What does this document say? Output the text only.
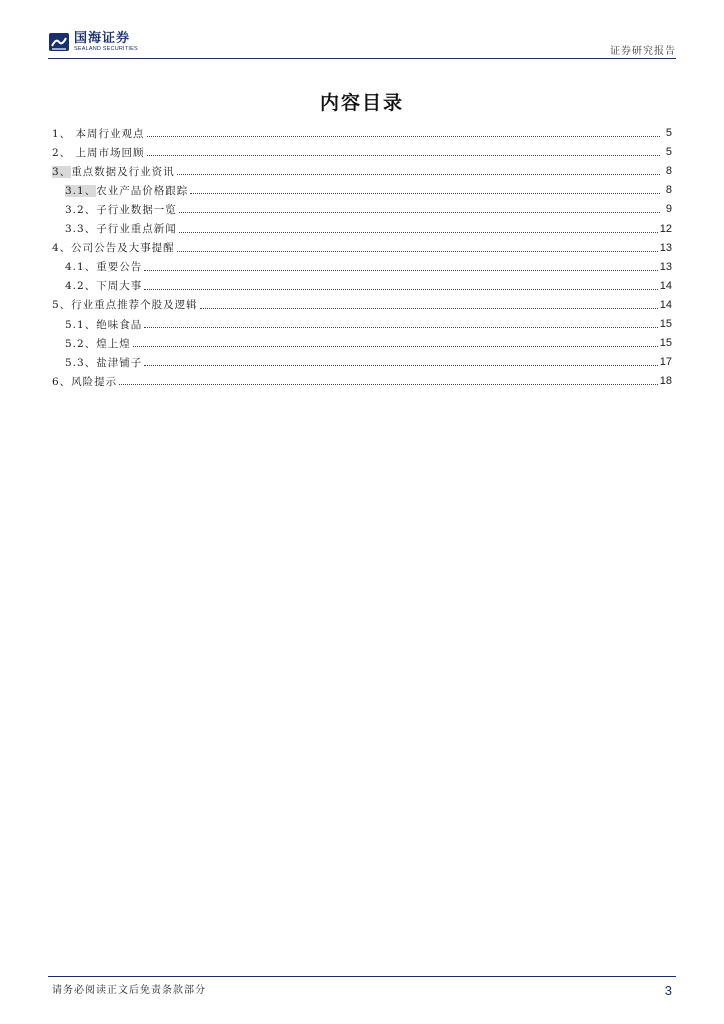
国海证券
SEALAND SECURITIES	证券研究报告
内容目录
1、 本周行业观点	5
2、 上周市场回顾	5
3、重点数据及行业资讯	8
3.1、农业产品价格跟踪	8
3.2、子行业数据一览	9
3.3、子行业重点新闻	12
4、公司公告及大事提醒	13
4.1、重要公告	13
4.2、下周大事	14
5、行业重点推荐个股及逻辑	14
5.1、绝味食品	15
5.2、煌上煌	15
5.3、盐津铺子	17
6、风险提示	18
请务必阅读正文后免责条款部分	3
